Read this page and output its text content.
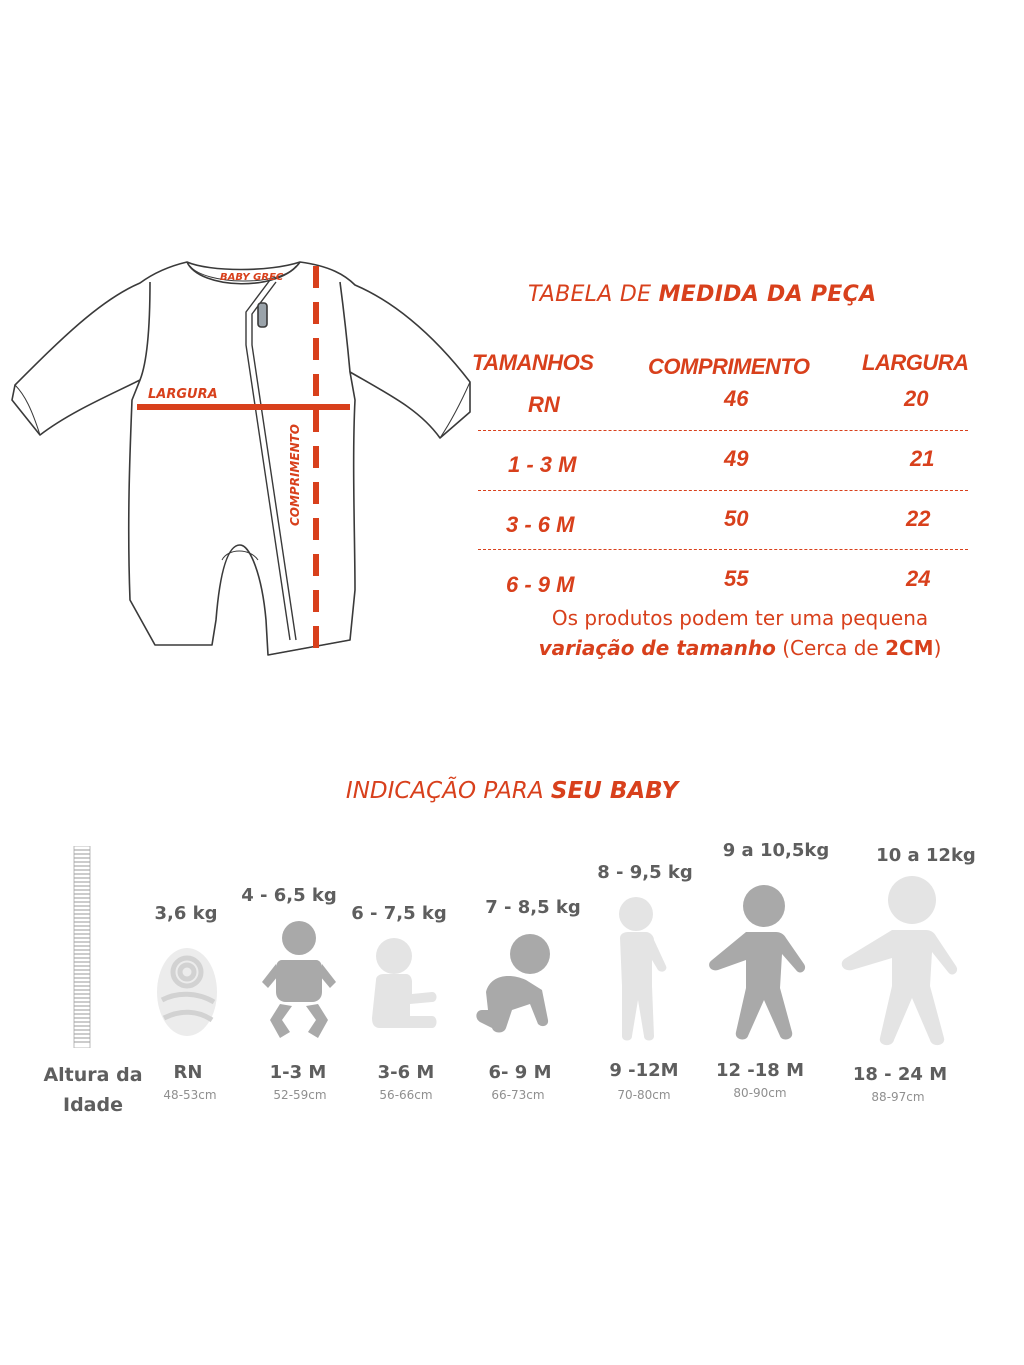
BABY GREC
LARGURA
COMPRIMENTO
TABELA DE MEDIDA DA PEÇA
TAMANHOS COMPRIMENTO LARGURA
RN	46	20
1 - 3 M	49	21
3 - 6 M	50	22
6 - 9 M	55	24
Os produtos podem ter uma pequena
variação de tamanho (Cerca de 2CM)
INDICAÇÃO PARA SEU BABY
Altura da
Idade
3,6 kg
RN
48-53cm
4 - 6,5 kg
1-3 M
52-59cm
6 - 7,5 kg
3-6 M
56-66cm
7 - 8,5 kg
6- 9 M
66-73cm
8 - 9,5 kg
9 -12M
70-80cm
9 a 10,5kg
12 -18 M
80-90cm
10 a 12kg
18 - 24 M
88-97cm
